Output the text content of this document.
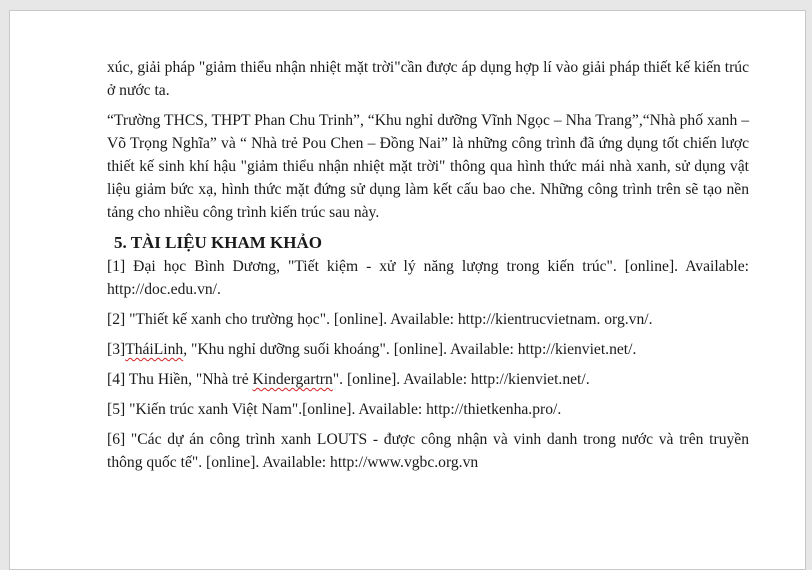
xúc, giải pháp "giảm thiểu nhận nhiệt mặt trời"cần được áp dụng hợp lí vào giải pháp thiết kế kiến trúc ở nước ta.

“Trường THCS, THPT Phan Chu Trinh”, “Khu nghỉ dưỡng Vĩnh Ngọc – Nha Trang”,“Nhà phố xanh – Võ Trọng Nghĩa” và “ Nhà trẻ Pou Chen – Đồng Nai” là những công trình đã ứng dụng tốt chiến lược thiết kế sinh khí hậu "giảm thiểu nhận nhiệt mặt trời" thông qua hình thức mái nhà xanh, sử dụng vật liệu giảm bức xạ, hình thức mặt đứng sử dụng làm kết cấu bao che. Những công trình trên sẽ tạo nền tảng cho nhiều công trình kiến trúc sau này.

5. TÀI LIỆU KHAM KHẢO

[1] Đại học Bình Dương, "Tiết kiệm - xử lý năng lượng trong kiến trúc". [online]. Available: http://doc.edu.vn/.

[2] "Thiết kế xanh cho trường học". [online]. Available: http://kientrucvietnam. org.vn/.

[3]TháiLinh, "Khu nghỉ dưỡng suối khoáng". [online]. Available: http://kienviet.net/.

[4] Thu Hiền, "Nhà trẻ Kindergartrn". [online]. Available: http://kienviet.net/.

[5] "Kiến trúc xanh Việt Nam".[online]. Available: http://thietkenha.pro/.

[6] "Các dự án công trình xanh LOUTS - được công nhận và vinh danh trong nước và trên truyền thông quốc tế". [online]. Available: http://www.vgbc.org.vn
